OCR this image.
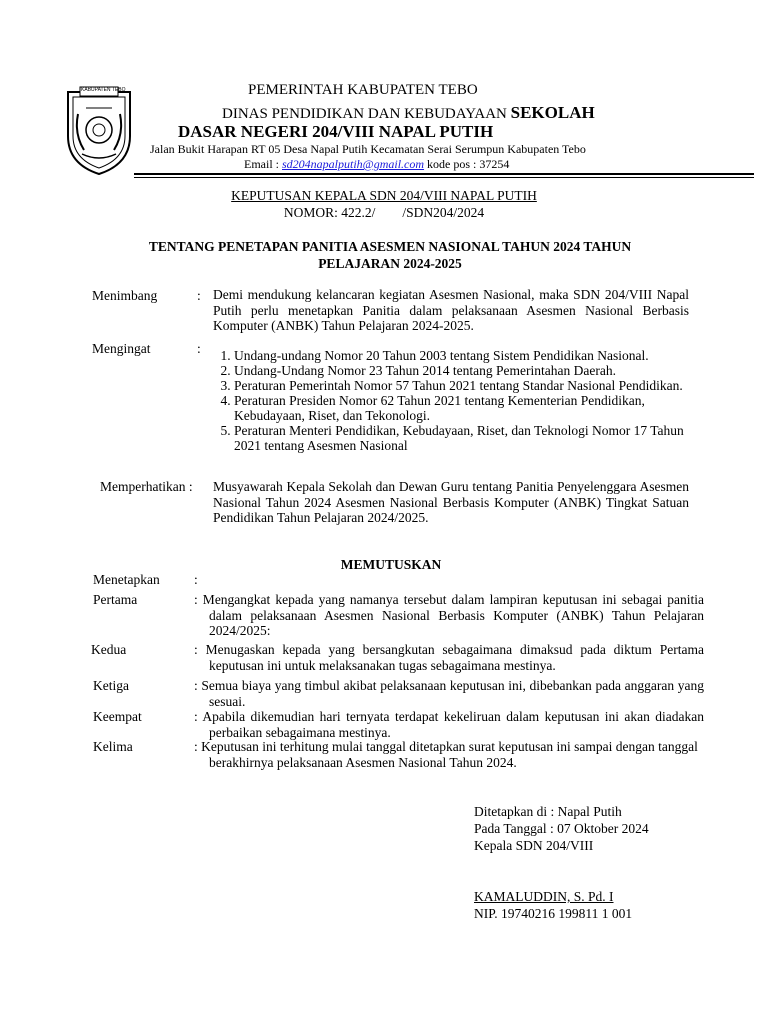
KABUPATEN TEBO	PEMERINTAH KABUPATEN TEBO
DINAS PENDIDIKAN DAN KEBUDAYAAN SEKOLAH
DASAR NEGERI 204/VIII NAPAL PUTIH
Jalan Bukit Harapan RT 05 Desa Napal Putih Kecamatan Serai Serumpun Kabupaten Tebo
Email : sd204napalputih@gmail.com kode pos : 37254
KEPUTUSAN KEPALA SDN 204/VIII NAPAL PUTIH
NOMOR: 422.2/        /SDN204/2024
TENTANG PENETAPAN PANITIA ASESMEN NASIONAL TAHUN 2024 TAHUN
PELAJARAN 2024-2025
Menimbang	: Demi mendukung kelancaran kegiatan Asesmen Nasional, maka SDN 204/VIII Napal Putih perlu menetapkan Panitia dalam pelaksanaan Asesmen Nasional Berbasis Komputer (ANBK) Tahun Pelajaran 2024-2025.
Mengingat	:
1. Undang-undang Nomor 20 Tahun 2003 tentang Sistem Pendidikan Nasional.
2. Undang-Undang Nomor 23 Tahun 2014 tentang Pemerintahan Daerah.
3. Peraturan Pemerintah Nomor 57 Tahun 2021 tentang Standar Nasional Pendidikan.
4. Peraturan Presiden Nomor 62 Tahun 2021 tentang Kementerian Pendidikan, Kebudayaan, Riset, dan Tekonologi.
5. Peraturan Menteri Pendidikan, Kebudayaan, Riset, dan Teknologi Nomor 17 Tahun 2021 tentang Asesmen Nasional
Memperhatikan : Musyawarah Kepala Sekolah dan Dewan Guru tentang Panitia Penyelenggara Asesmen Nasional Tahun 2024 Asesmen Nasional Berbasis Komputer (ANBK) Tingkat Satuan Pendidikan Tahun Pelajaran 2024/2025.
MEMUTUSKAN
Menetapkan	:
Pertama	: Mengangkat kepada yang namanya tersebut dalam lampiran keputusan ini sebagai panitia dalam pelaksanaan Asesmen Nasional Berbasis Komputer (ANBK) Tahun Pelajaran 2024/2025:
Kedua	: Menugaskan kepada yang bersangkutan sebagaimana dimaksud pada diktum Pertama keputusan ini untuk melaksanakan tugas sebagaimana mestinya.
Ketiga	: Semua biaya yang timbul akibat pelaksanaan keputusan ini, dibebankan pada anggaran yang sesuai.
Keempat	: Apabila dikemudian hari ternyata terdapat kekeliruan dalam keputusan ini akan diadakan perbaikan sebagaimana mestinya.
Kelima	: Keputusan ini terhitung mulai tanggal ditetapkan surat keputusan ini sampai dengan tanggal berakhirnya pelaksanaan Asesmen Nasional Tahun 2024.
Ditetapkan di : Napal Putih
Pada Tanggal : 07 Oktober 2024
Kepala SDN 204/VIII
KAMALUDDIN, S. Pd. I
NIP. 19740216 199811 1 001
